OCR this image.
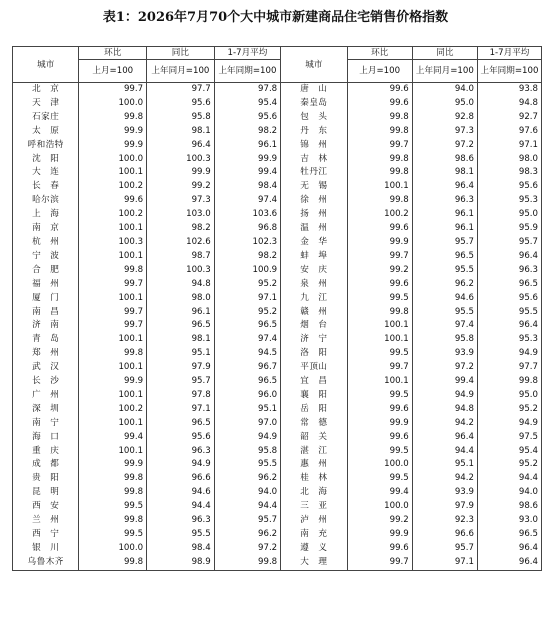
表1：2026年7月70个大中城市新建商品住宅销售价格指数
城市	环比	同比	1-7月平均	城市	环比	同比	1-7月平均
	上月=100	上年同月=100	上年同期=100		上月=100	上年同月=100	上年同期=100
北　京	99.7	97.7	97.8	唐　山	99.6	94.0	93.8
天　津	100.0	95.6	95.4	秦皇岛	99.6	95.0	94.8
石家庄	99.8	95.8	95.6	包　头	99.8	92.8	92.7
太　原	99.9	98.1	98.2	丹　东	99.8	97.3	97.6
呼和浩特	99.9	96.4	96.1	锦　州	99.7	97.2	97.1
沈　阳	100.0	100.3	99.9	吉　林	99.8	98.6	98.0
大　连	100.1	99.9	99.4	牡丹江	99.8	98.1	98.3
长　春	100.2	99.2	98.4	无　锡	100.1	96.4	95.6
哈尔滨	99.6	97.3	97.4	徐　州	99.8	96.3	95.3
上　海	100.2	103.0	103.6	扬　州	100.2	96.1	95.0
南　京	100.1	98.2	96.8	温　州	99.6	96.1	95.9
杭　州	100.3	102.6	102.3	金　华	99.9	95.7	95.7
宁　波	100.1	98.7	98.2	蚌　埠	99.7	96.5	96.4
合　肥	99.8	100.3	100.9	安　庆	99.2	95.5	96.3
福　州	99.7	94.8	95.2	泉　州	99.6	96.2	96.5
厦　门	100.1	98.0	97.1	九　江	99.5	94.6	95.6
南　昌	99.7	96.1	95.2	赣　州	99.8	95.5	95.5
济　南	99.7	96.5	96.5	烟　台	100.1	97.4	96.4
青　岛	100.1	98.1	97.4	济　宁	100.1	95.8	95.3
郑　州	99.8	95.1	94.5	洛　阳	99.5	93.9	94.9
武　汉	100.1	97.9	96.7	平顶山	99.7	97.2	97.7
长　沙	99.9	95.7	96.5	宜　昌	100.1	99.4	99.8
广　州	100.1	97.8	96.0	襄　阳	99.5	94.9	95.0
深　圳	100.2	97.1	95.1	岳　阳	99.6	94.8	95.2
南　宁	100.1	96.5	97.0	常　德	99.9	94.2	94.9
海　口	99.4	95.6	94.9	韶　关	99.6	96.4	97.5
重　庆	100.1	96.3	95.8	湛　江	99.5	94.4	95.4
成　都	99.9	94.9	95.5	惠　州	100.0	95.1	95.2
贵　阳	99.8	96.6	96.2	桂　林	99.5	94.2	94.4
昆　明	99.8	94.6	94.0	北　海	99.4	93.9	94.0
西　安	99.5	94.4	94.4	三　亚	100.0	97.9	98.6
兰　州	99.8	96.3	95.7	泸　州	99.2	92.3	93.0
西　宁	99.5	95.5	96.2	南　充	99.9	96.6	96.5
银　川	100.0	98.4	97.2	遵　义	99.6	95.7	96.4
乌鲁木齐	99.8	98.9	99.8	大　理	99.7	97.1	96.4
